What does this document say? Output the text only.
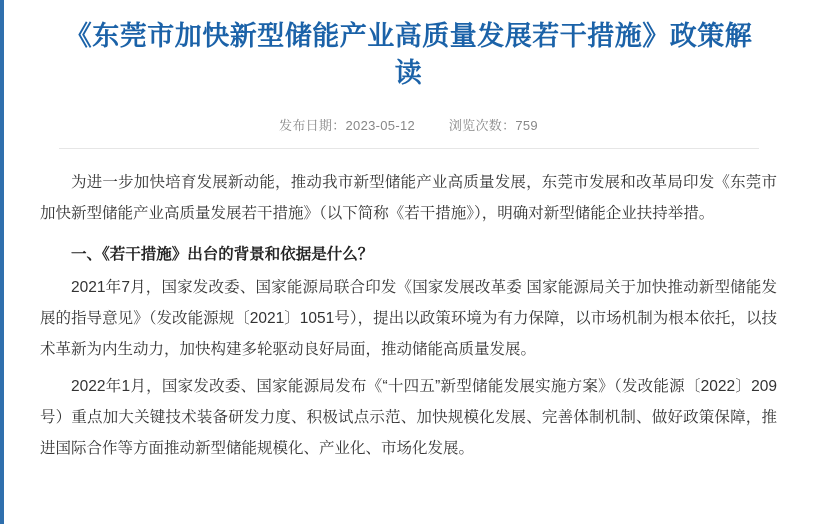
《东莞市加快新型储能产业高质量发展若干措施》政策解读
发布日期：2023-05-12	浏览次数：759

为进一步加快培育发展新动能，推动我市新型储能产业高质量发展，东莞市发展和改革局印发《东莞市加快新型储能产业高质量发展若干措施》（以下简称《若干措施》），明确对新型储能企业扶持举措。

一、《若干措施》出台的背景和依据是什么？

2021年7月，国家发改委、国家能源局联合印发《国家发展改革委 国家能源局关于加快推动新型储能发展的指导意见》（发改能源规〔2021〕1051号），提出以政策环境为有力保障，以市场机制为根本依托，以技术革新为内生动力，加快构建多轮驱动良好局面，推动储能高质量发展。

2022年1月，国家发改委、国家能源局发布《“十四五”新型储能发展实施方案》（发改能源〔2022〕209号）重点加大关键技术装备研发力度、积极试点示范、加快规模化发展、完善体制机制、做好政策保障，推进国际合作等方面推动新型储能规模化、产业化、市场化发展。
